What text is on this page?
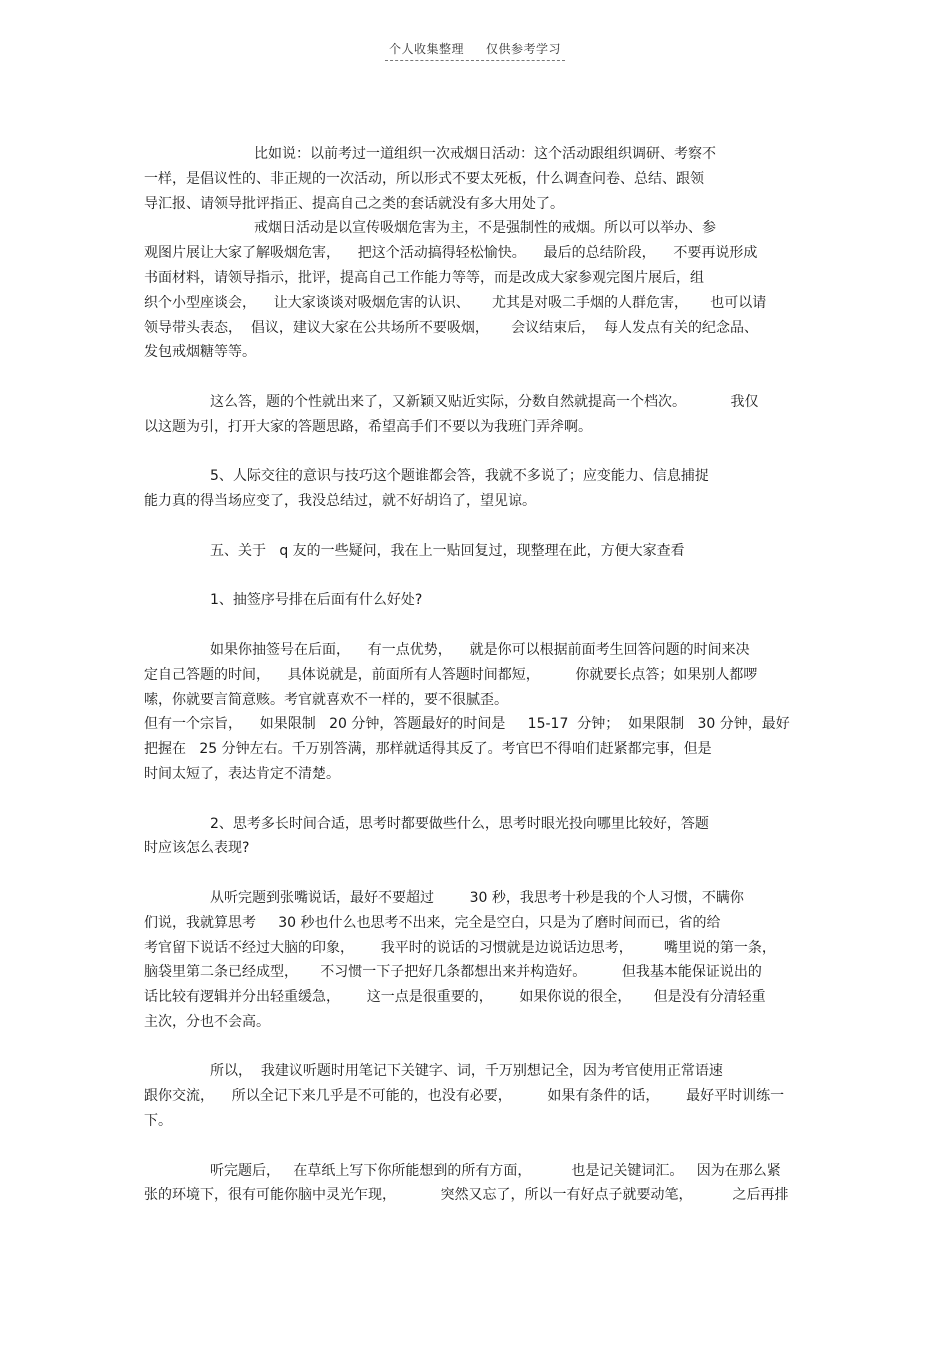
个人收集整理 仅供参考学习
比如说：以前考过一道组织一次戒烟日活动：这个活动跟组织调研、考察不
一样，是倡议性的、非正规的一次活动，所以形式不要太死板，什么调查问卷、总结、跟领
导汇报、请领导批评指正、提高自己之类的套话就没有多大用处了。
戒烟日活动是以宣传吸烟危害为主，不是强制性的戒烟。所以可以举办、参
观图片展让大家了解吸烟危害，    把这个活动搞得轻松愉快。    最后的总结阶段，    不要再说形成
书面材料，请领导指示，批评，提高自己工作能力等等，而是改成大家参观完图片展后，组
织个小型座谈会，    让大家谈谈对吸烟危害的认识、     尤其是对吸二手烟的人群危害，     也可以请
领导带头表态，  倡议，建议大家在公共场所不要吸烟，     会议结束后，  每人发点有关的纪念品、
发包戒烟糖等等。
这么答，题的个性就出来了，又新颖又贴近实际，分数自然就提高一个档次。          我仅
以这题为引，打开大家的答题思路，希望高手们不要以为我班门弄斧啊。
5、人际交往的意识与技巧这个题谁都会答，我就不多说了；应变能力、信息捕捉
能力真的得当场应变了，我没总结过，就不好胡诌了，望见谅。
五、关于   q 友的一些疑问，我在上一贴回复过，现整理在此，方便大家查看
1、抽签序号排在后面有什么好处?
如果你抽签号在后面，    有一点优势，    就是你可以根据前面考生回答问题的时间来决
定自己答题的时间，    具体说就是，前面所有人答题时间都短，        你就要长点答；如果别人都啰
嗦，你就要言简意赅。考官就喜欢不一样的，要不很腻歪。
但有一个宗旨，    如果限制   20 分钟，答题最好的时间是     15-17  分钟；  如果限制   30 分钟，最好
把握在   25 分钟左右。千万别答满，那样就适得其反了。考官巴不得咱们赶紧都完事，但是
时间太短了，表达肯定不清楚。
2、思考多长时间合适，思考时都要做些什么，思考时眼光投向哪里比较好，答题
时应该怎么表现?
从听完题到张嘴说话，最好不要超过        30 秒，我思考十秒是我的个人习惯，不瞒你
们说，我就算思考     30 秒也什么也思考不出来，完全是空白，只是为了磨时间而已，省的给
考官留下说话不经过大脑的印象，      我平时的说话的习惯就是边说话边思考，       嘴里说的第一条，
脑袋里第二条已经成型，     不习惯一下子把好几条都想出来并构造好。        但我基本能保证说出的
话比较有逻辑并分出轻重缓急，      这一点是很重要的，      如果你说的很全，     但是没有分清轻重
主次，分也不会高。
所以，  我建议听题时用笔记下关键字、词，千万别想记全，因为考官使用正常语速
跟你交流，    所以全记下来几乎是不可能的，也没有必要，        如果有条件的话，      最好平时训练一
下。
听完题后，   在草纸上写下你所能想到的所有方面，         也是记关键词汇。   因为在那么紧
张的环境下，很有可能你脑中灵光乍现，          突然又忘了，所以一有好点子就要动笔，         之后再排
